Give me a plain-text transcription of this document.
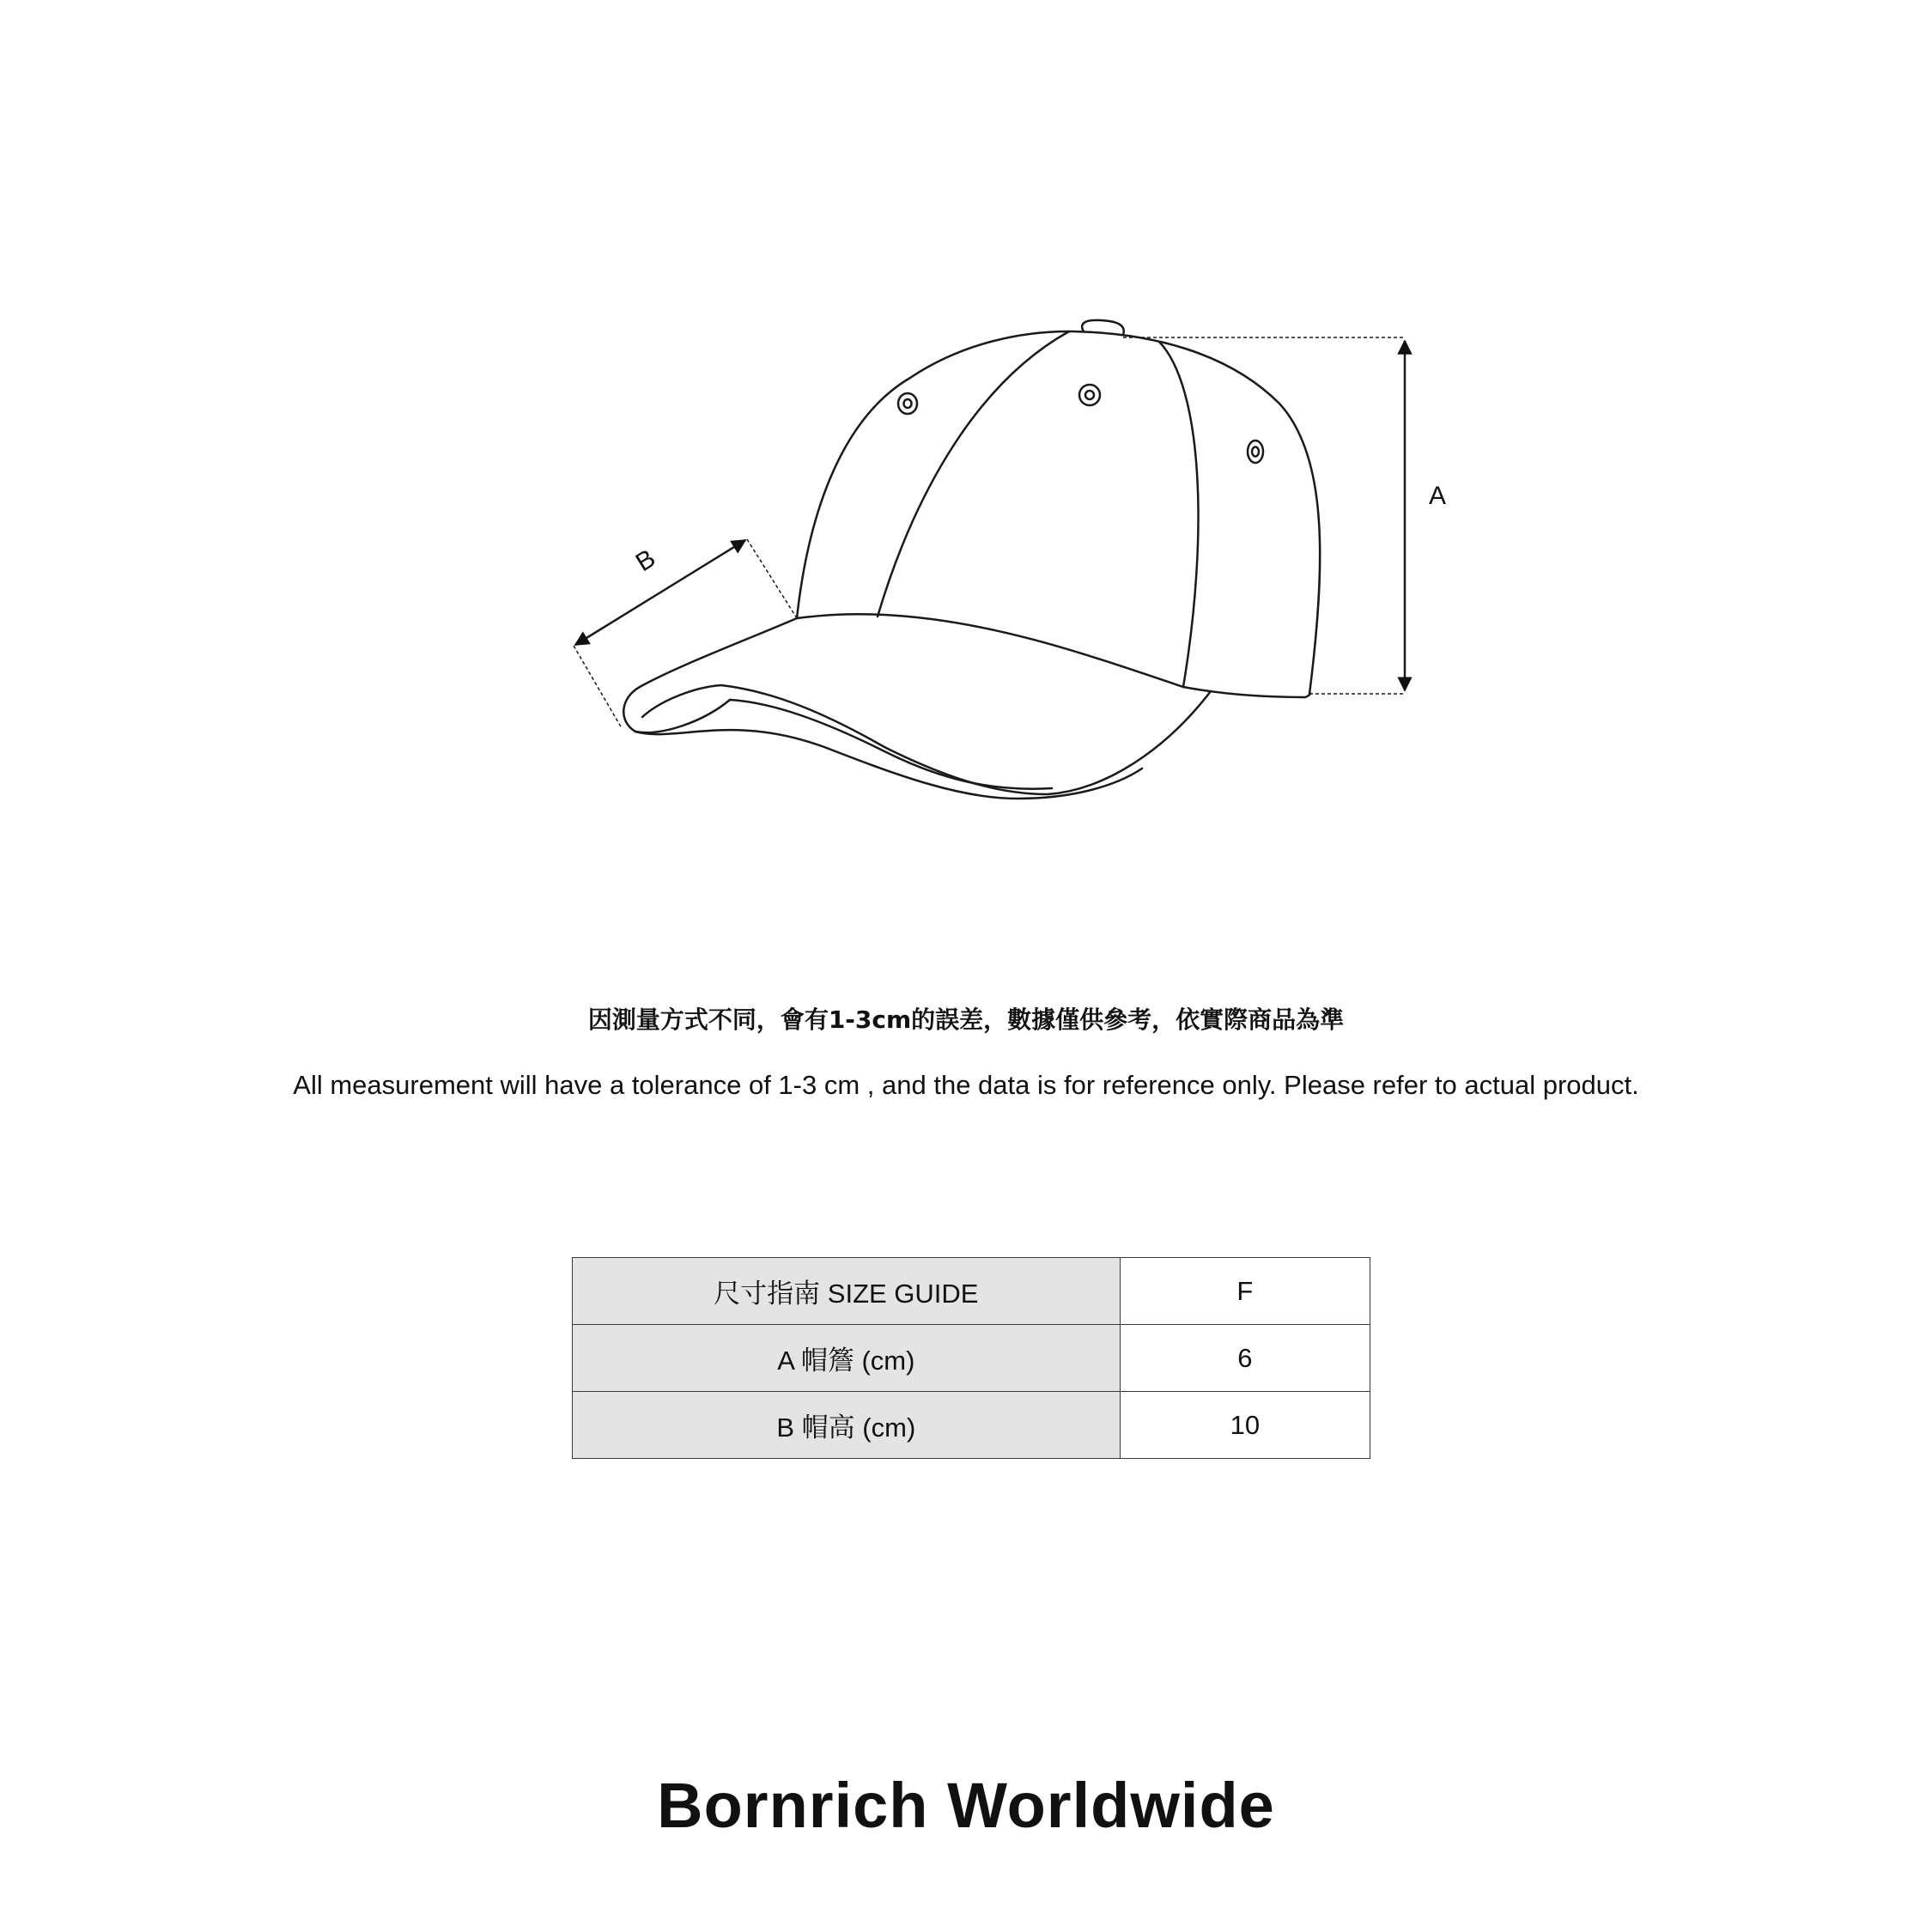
A
B
因測量方式不同，會有1-3cm的誤差，數據僅供參考，依實際商品為準
All measurement will have a tolerance of 1-3 cm , and the data is for reference only. Please refer to actual product.
尺寸指南 SIZE GUIDE	F
A 帽簷 (cm)	6
B 帽高 (cm)	10
Bornrich Worldwide
